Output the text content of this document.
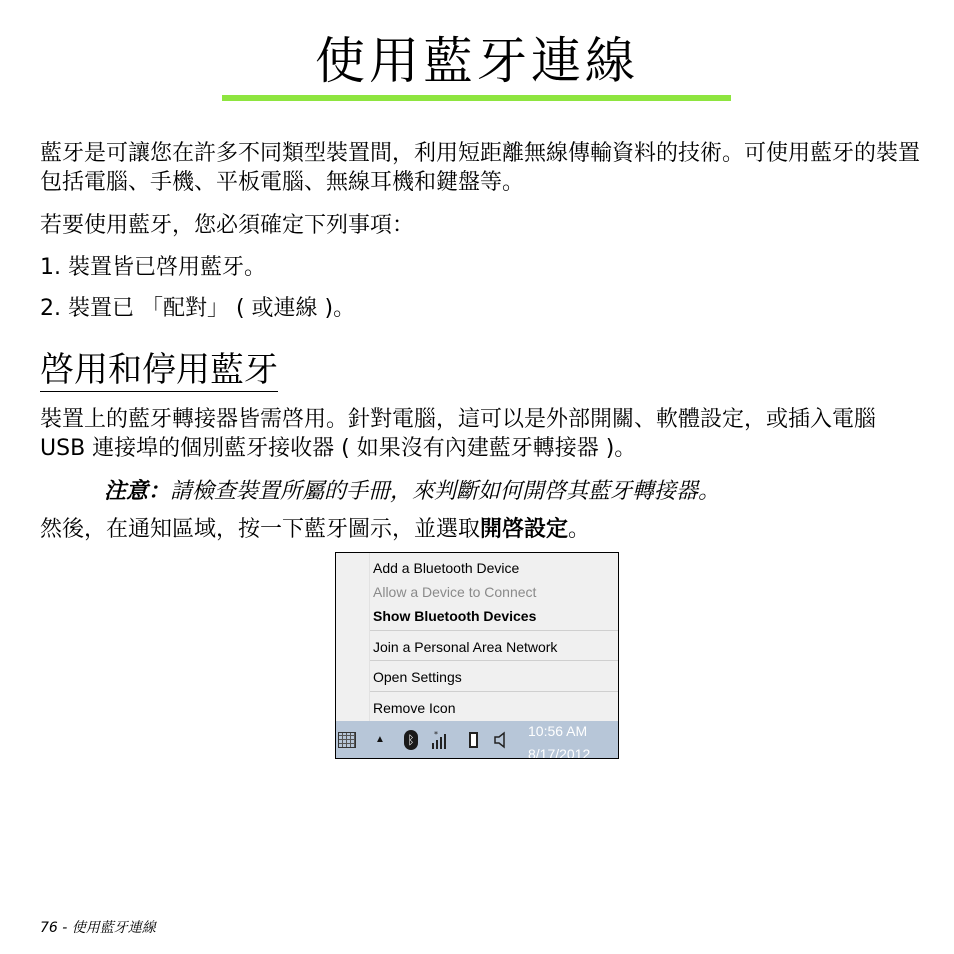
使用藍牙連線

藍牙是可讓您在許多不同類型裝置間，利用短距離無線傳輸資料的技術。可使用藍牙的裝置包括電腦、手機、平板電腦、無線耳機和鍵盤等。

若要使用藍牙，您必須確定下列事項：

1. 裝置皆已啓用藍牙。

2. 裝置已 「配對」 ( 或連線 )。

啓用和停用藍牙

裝置上的藍牙轉接器皆需啓用。針對電腦，這可以是外部開關、軟體設定，或插入電腦 USB 連接埠的個別藍牙接收器 ( 如果沒有內建藍牙轉接器 )。

注意：請檢查裝置所屬的手冊，來判斷如何開啓其藍牙轉接器。

然後，在通知區域，按一下藍牙圖示，並選取開啓設定。

Add a Bluetooth Device
Allow a Device to Connect
Show Bluetooth Devices
Join a Personal Area Network
Open Settings
Remove Icon
▲ ᛒ	*	10:56 AM
8/17/2012

76 - 使用藍牙連線
